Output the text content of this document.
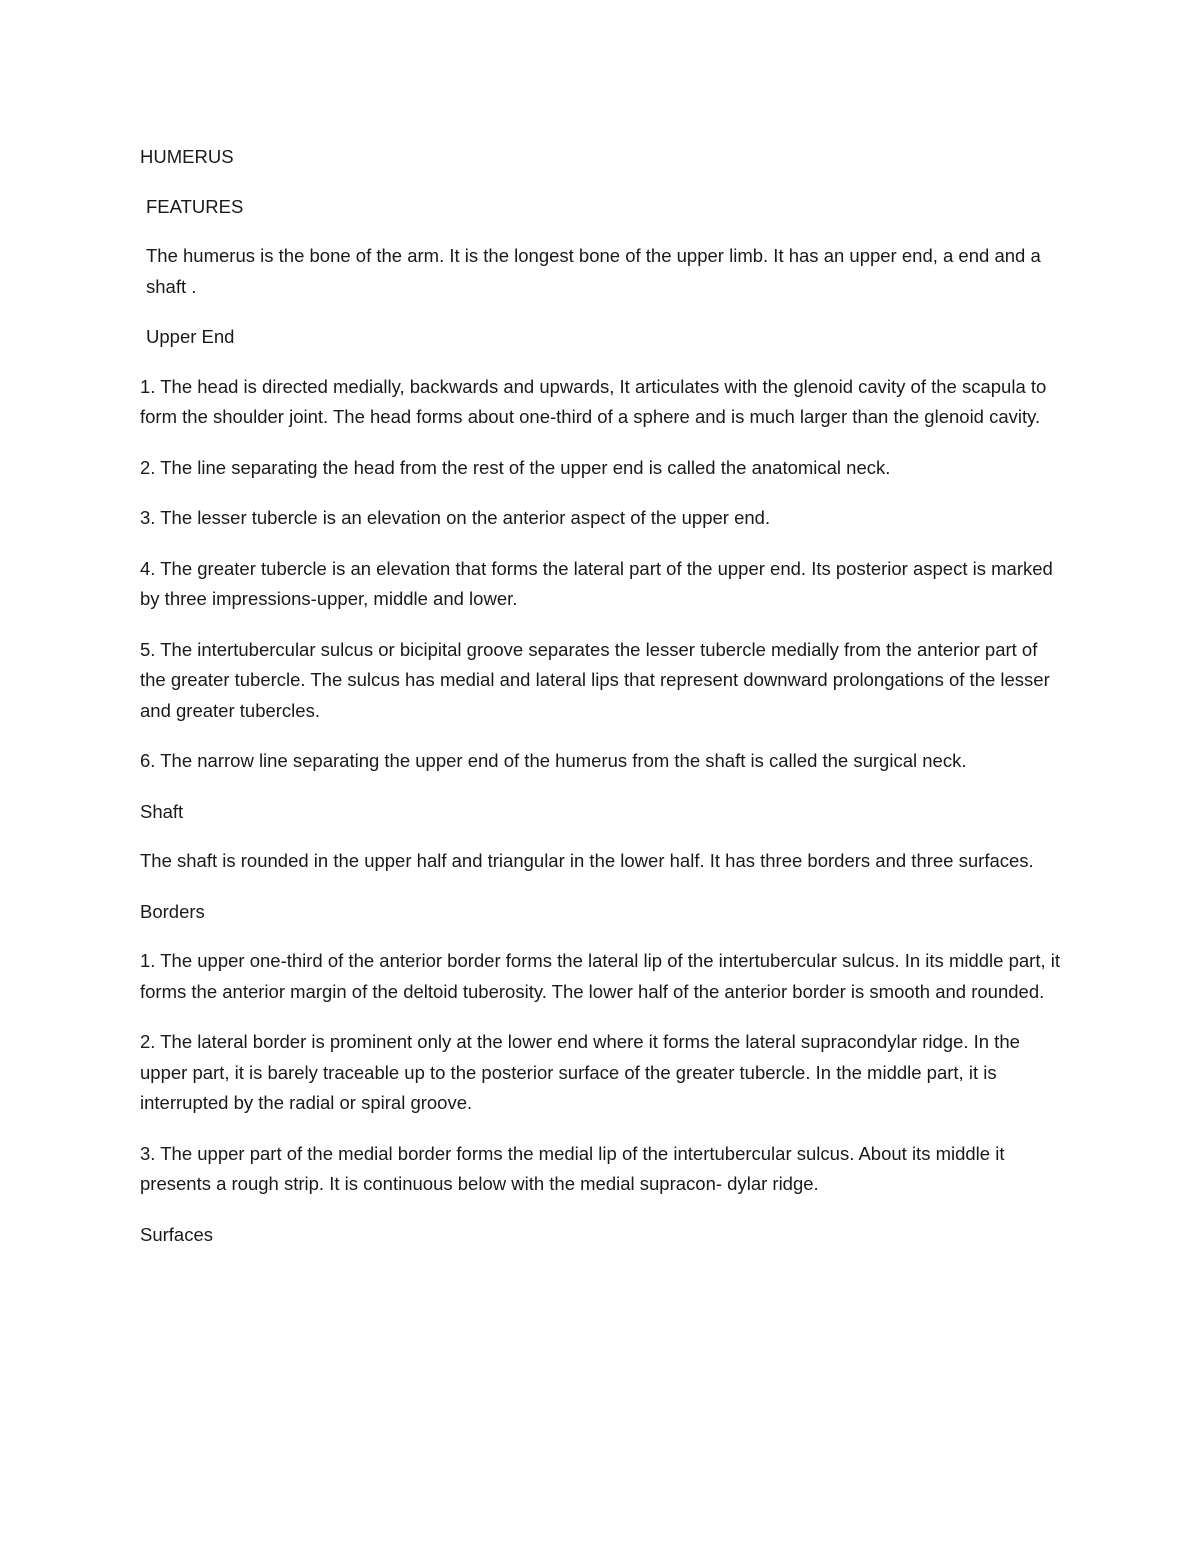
HUMERUS

FEATURES

The humerus is the bone of the arm. It is the longest bone of the upper limb. It has an upper end, a end and a shaft .

Upper End

1. The head is directed medially, backwards and upwards, It articulates with the glenoid cavity of the scapula to form the shoulder joint. The head forms about one-third of a sphere and is much larger than the glenoid cavity.

2. The line separating the head from the rest of the upper end is called the anatomical neck.

3. The lesser tubercle is an elevation on the anterior aspect of the upper end.

4. The greater tubercle is an elevation that forms the lateral part of the upper end. Its posterior aspect is marked by three impressions-upper, middle and lower.

5. The intertubercular sulcus or bicipital groove separates the lesser tubercle medially from the anterior part of the greater tubercle. The sulcus has medial and lateral lips that represent downward prolongations of the lesser and greater tubercles.

6. The narrow line separating the upper end of the humerus from the shaft is called the surgical neck.

Shaft

The shaft is rounded in the upper half and triangular in the lower half. It has three borders and three surfaces.

Borders

1. The upper one-third of the anterior border forms the lateral lip of the intertubercular sulcus. In its middle part, it forms the anterior margin of the deltoid tuberosity. The lower half of the anterior border is smooth and rounded.

2. The lateral border is prominent only at the lower end where it forms the lateral supracondylar ridge. In the upper part, it is barely traceable up to the posterior surface of the greater tubercle. In the middle part, it is interrupted by the radial or spiral groove.

3. The upper part of the medial border forms the medial lip of the intertubercular sulcus. About its middle it presents a rough strip. It is continuous below with the medial supracon- dylar ridge.

Surfaces
